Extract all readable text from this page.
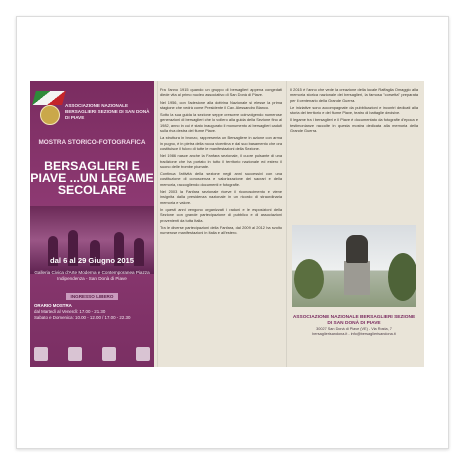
ASSOCIAZIONE NAZIONALE BERSAGLIERI SEZIONE DI SAN DONÀ DI PIAVE
MOSTRA STORICO-FOTOGRAFICA
BERSAGLIERI E PIAVE ...UN LEGAME SECOLARE
dal 6 al 29 Giugno 2015
Galleria Civica d'Arte Moderna e Contemporanea Piazza Indipendenza - San Donà di Piave
INGRESSO LIBERO
ORARIO MOSTRA
dal Martedì al Venerdì: 17.00 - 21.30
Sabato e Domenica: 10.00 - 12.00 / 17.00 - 22.30

Fra l'anno 1915 quando un gruppo di bersaglieri appena congedati diede vita al primo nucleo associativo di San Donà di Piave.

Nel 1956, con l'adesione alla dottrina Nazionale si elesse la prima stagione che vedrà come Presidente il Cav. Alessandro Bianco.

Sotto la sua guida la sezione seppe crescere coinvolgendo numerose generazioni di bersaglieri che lo vollero alla guida della Sezione fino al 1982, anno in cui è stato inaugurato il monumento ai bersaglieri caduti sulla riva destra del fiume Piave.

La struttura in bronzo, rappresenta un Bersagliere in azione con arma in pugno, è in pietra della rocca vicentina e dal suo basamento che ora costituisce il fulcro di tutte le manifestazioni della Sezione.

Nel 1986 nasce anche la Fanfara sezionale, il cuore pulsante di una tradizione che ha portato in tutto il territorio nazionale ed estero il suono delle trombe piumate.

Continua l'attività della sezione negli anni successivi con una costituzione di conoscenza e valorizzazione dei sacrari e della memoria, raccogliendo documenti e fotografie.

Nel 2003 la Fanfara sezionale riceve il riconoscimento e viene insignita dalla presidenza nazionale in un ricordo di straordinaria memoria e valore.

In questi anni vengono organizzati i raduni e le esposizioni della Sezione con grande partecipazione di pubblico e di associazioni provenienti da tutta Italia.

Tra le diverse partecipazioni della Fanfara, dal 2009 al 2012 ha svolto numerose manifestazioni in Italia e all'estero.

Il 2015 è l'anno che vede la creazione della locale Raffaglia Omaggio alla memoria storica nazionale dei bersaglieri, la famosa "corsetta" preparata per il centenario della Grande Guerra.

Le iniziative sono accompagnate da pubblicazioni e incontri dedicati alla storia del territorio e del fiume Piave, teatro di battaglie decisive.

Il legame tra i bersaglieri e il Piave è documentato da fotografie d'epoca e testimonianze raccolte in questa mostra dedicata alla memoria della Grande Guerra.

ASSOCIAZIONE NAZIONALE BERSAGLIERI SEZIONE DI SAN DONÀ DI PIAVE
30027 San Donà di Piave (VE) - Via Rosta, 7
bersaglierisandona.it - info@bersaglierisandona.it
